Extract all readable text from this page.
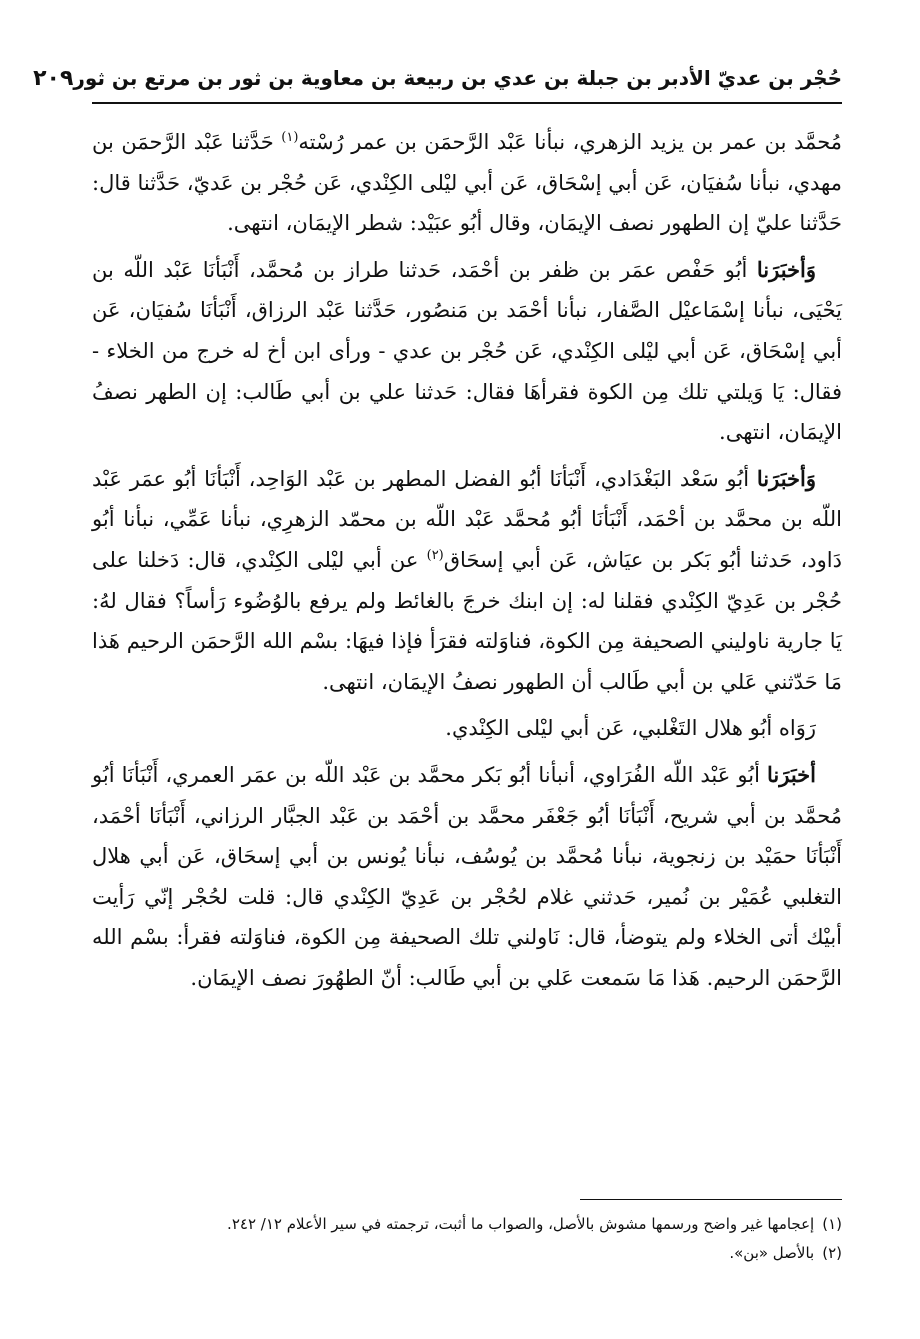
حُجْر بن عديّ الأدبر بن جبلة بن عدي بن ربيعة بن معاوية بن ثور بن مرتع بن ثور
٢٠٩

مُحمَّد بن عمر بن يزيد الزهري، نبأنا عَبْد الرَّحمَن بن عمر رُسْته$^{(١)}$ حَدَّثنا عَبْد الرَّحمَن بن مهدي، نبأنا سُفيَان، عَن أبي إسْحَاق، عَن أبي ليْلى الكِنْدي، عَن حُجْر بن عَديّ، حَدَّثنا قال: حَدَّثنا عليّ إن الطهور نصف الإيمَان، وقال أبُو عبَيْد: شطر الإيمَان، انتهى.

وَأخبَرَنا أبُو حَفْص عمَر بن ظفر بن أحْمَد، حَدثنا طراز بن مُحمَّد، أَنْبَأنَا عَبْد اللّه بن يَحْيَى، نبأنا إسْمَاعيْل الصَّفار، نبأنا أحْمَد بن مَنصُور، حَدَّثنا عَبْد الرزاق، أَنْبَأنَا سُفيَان، عَن أبي إسْحَاق، عَن أبي ليْلى الكِنْدي، عَن حُجْر بن عدي - ورأى ابن أخ له خرج من الخلاء - فقال: يَا وَيلتي تلك مِن الكوة فقرأهَا فقال: حَدثنا علي بن أبي طَالب: إن الطهر نصفُ الإيمَان، انتهى.

وَأخبَرَنا أبُو سَعْد البَغْدَادي، أَنْبَأنَا أبُو الفضل المطهر بن عَبْد الوَاحِد، أَنْبَأنَا أبُو عمَر عَبْد اللّه بن محمَّد بن أحْمَد، أَنْبَأنَا أبُو مُحمَّد عَبْد اللّه بن محمّد الزهرِي، نبأنا عَمِّي، نبأنا أبُو دَاود، حَدثنا أبُو بَكر بن عيَاش، عَن أبي إسحَاق$^{(٢)}$ عن أبي ليْلى الكِنْدي، قال: دَخلنا على حُجْر بن عَدِيّ الكِنْدي فقلنا له: إن ابنك خرجَ بالغائط ولم يرفع بالوُضُوء رَأساً؟ فقال لهُ: يَا جارية ناوليني الصحيفة مِن الكوة، فناوَلته فقرَأ فإذا فيهَا: بسْم الله الرَّحمَن الرحيم هَذا مَا حَدّثني عَلي بن أبي طَالب أن الطهور نصفُ الإيمَان، انتهى.

رَوَاه أبُو هلال التَغْلبي، عَن أبي ليْلى الكِنْدي.

أخبَرَنا أبُو عَبْد اللّه الفُرَاوي، أنبأنا أبُو بَكر محمَّد بن عَبْد اللّه بن عمَر العمري، أَنْبَأنَا أبُو مُحمَّد بن أبي شريح، أَنْبَأنَا أبُو جَعْفَر محمَّد بن أحْمَد بن عَبْد الجبَّار الرزاني، أَنْبَأنَا أحْمَد، أَنْبَأنَا حمَيْد بن زنجوية، نبأنا مُحمَّد بن يُوسُف، نبأنا يُونس بن أبي إسحَاق، عَن أبي هلال التغلبي عُمَيْر بن نُمير، حَدثني غلام لحُجْر بن عَدِيّ الكِنْدي قال: قلت لحُجْر إنّي رَأيت أبيْك أتى الخلاء ولم يتوضأ، قال: نَاولني تلك الصحيفة مِن الكوة، فناوَلته فقرأ: بسْم الله الرَّحمَن الرحيم. هَذا مَا سَمعت عَلي بن أبي طَالب: أنّ الطهُورَ نصف الإيمَان.

(١)إعجامها غير واضح ورسمها مشوش بالأصل، والصواب ما أثبت، ترجمته في سير الأعلام ١٢/ ٢٤٢.
(٢)بالأصل «بن».
